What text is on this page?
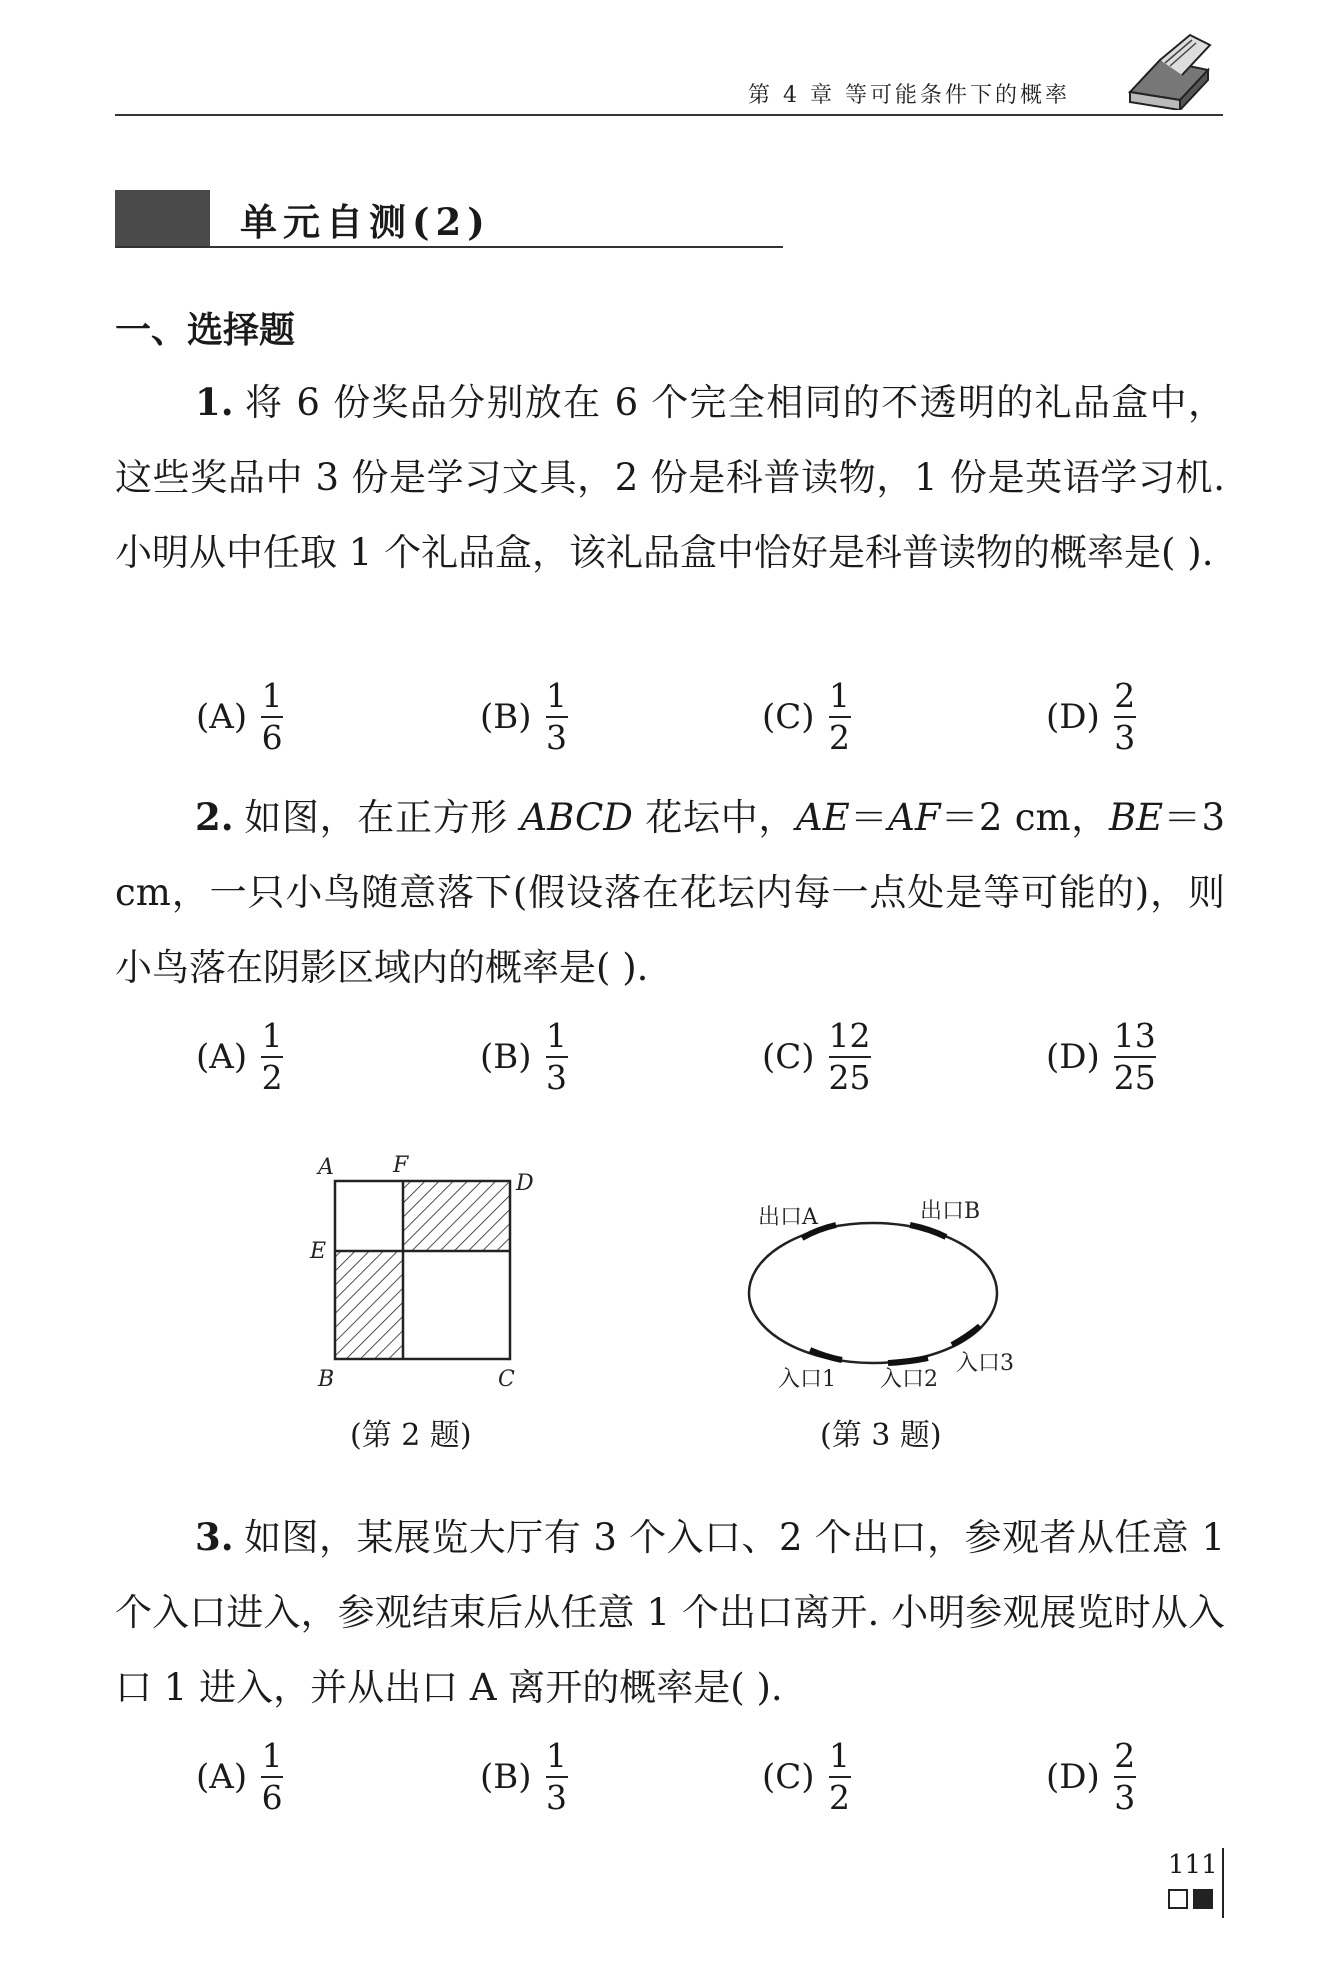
第 4 章 等可能条件下的概率
单元自测(2)
一、选择题
1. 将 6 份奖品分别放在 6 个完全相同的不透明的礼品盒中，这些奖品中 3 份是学习文具，2 份是科普读物，1 份是英语学习机. 小明从中任取 1 个礼品盒，该礼品盒中恰好是科普读物的概率是( ).
$(A) \frac{1}{6}$	$(B) \frac{1}{3}$	$(C) \frac{1}{2}$	$(D) \frac{2}{3}$
2. 如图，在正方形 ABCD 花坛中，AE＝AF＝2 cm，BE＝3 cm，一只小鸟随意落下(假设落在花坛内每一点处是等可能的)，则小鸟落在阴影区域内的概率是( ).
$(A) \frac{1}{2}$	$(B) \frac{1}{3}$	$(C) \frac{12}{25}$	$(D) \frac{13}{25}$
A	F
D
E
B	C
(第 2 题)
出口A	出口B
入口1 入口2
入口3
(第 3 题)
3. 如图，某展览大厅有 3 个入口、2 个出口，参观者从任意 1 个入口进入，参观结束后从任意 1 个出口离开. 小明参观展览时从入口 1 进入，并从出口 A 离开的概率是( ).
$(A) \frac{1}{6}$	$(B) \frac{1}{3}$	$(C) \frac{1}{2}$	$(D) \frac{2}{3}$
111
